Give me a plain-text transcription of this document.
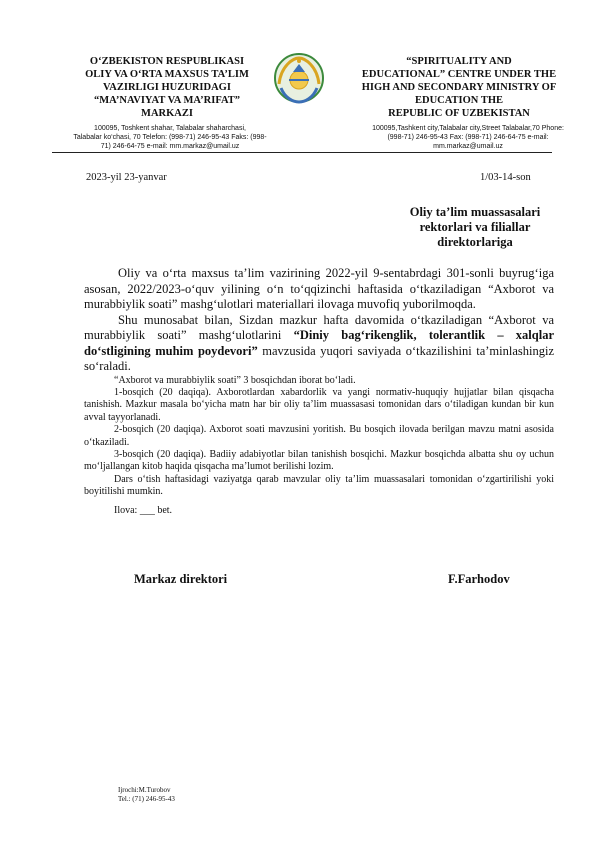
O‘ZBEKISTON RESPUBLIKASI
OLIY VA O‘RTA MAXSUS TA’LIM
VAZIRLIGI HUZURIDAGI
“MA’NAVIYAT VA MA’RIFAT”
MARKAZI
100095, Toshkent shahar, Talabalar shaharchasi,
Talabalar ko‘chasi, 70 Telefon: (998-71) 246-95-43 Faks: (998-
71) 246-64-75 e-mail: mm.markaz@umail.uz
“SPIRITUALITY AND
EDUCATIONAL” CENTRE UNDER THE
HIGH AND SECONDARY MINISTRY OF
EDUCATION THE
REPUBLIC OF UZBEKISTAN
100095,Tashkent city,Talabalar city,Street Talabalar,70 Phone:
(998-71) 246-95-43 Fax: (998-71) 246-64-75 e-mail:
mm.markaz@umail.uz
2023-yil 23-yanvar	1/03-14-son
Oliy ta’lim muassasalari
rektorlari va filiallar
direktorlariga

Oliy va o‘rta maxsus ta’lim vazirining 2022-yil 9-sentabrdagi 301-sonli buyrug‘iga asosan, 2022/2023-o‘quv yilining o‘n to‘qqizinchi haftasida o‘tkaziladigan “Axborot va murabbiylik soati” mashg‘ulotlari materiallari ilovaga muvofiq yuborilmoqda.

Shu munosabat bilan, Sizdan mazkur hafta davomida o‘tkaziladigan “Axborot va murabbiylik soati” mashg‘ulotlarini “Diniy bag‘rikenglik, tolerantlik – xalqlar do‘stligining muhim poydevori” mavzusida yuqori saviyada o‘tkazilishini ta’minlashingiz so‘raladi.

“Axborot va murabbiylik soati” 3 bosqichdan iborat bo‘ladi.

1-bosqich (20 daqiqa). Axborotlardan xabardorlik va yangi normativ-huquqiy hujjatlar bilan qisqacha tanishish. Mazkur masala bo‘yicha matn har bir oliy ta’lim muassasasi tomonidan dars o‘tiladigan kundan bir kun avval tayyorlanadi.

2-bosqich (20 daqiqa). Axborot soati mavzusini yoritish. Bu bosqich ilovada berilgan mavzu matni asosida o‘tkaziladi.

3-bosqich (20 daqiqa). Badiiy adabiyotlar bilan tanishish bosqichi. Mazkur bosqichda albatta shu oy uchun mo‘ljallangan kitob haqida qisqacha ma’lumot berilishi lozim.

Dars o‘tish haftasidagi vaziyatga qarab mavzular oliy ta’lim muassasalari tomonidan o‘zgartirilishi yoki boyitilishi mumkin.

Ilova: ___ bet.

Markaz direktori	F.Farhodov
Ijrochi:M.Turobov
Tel.: (71) 246-95-43
